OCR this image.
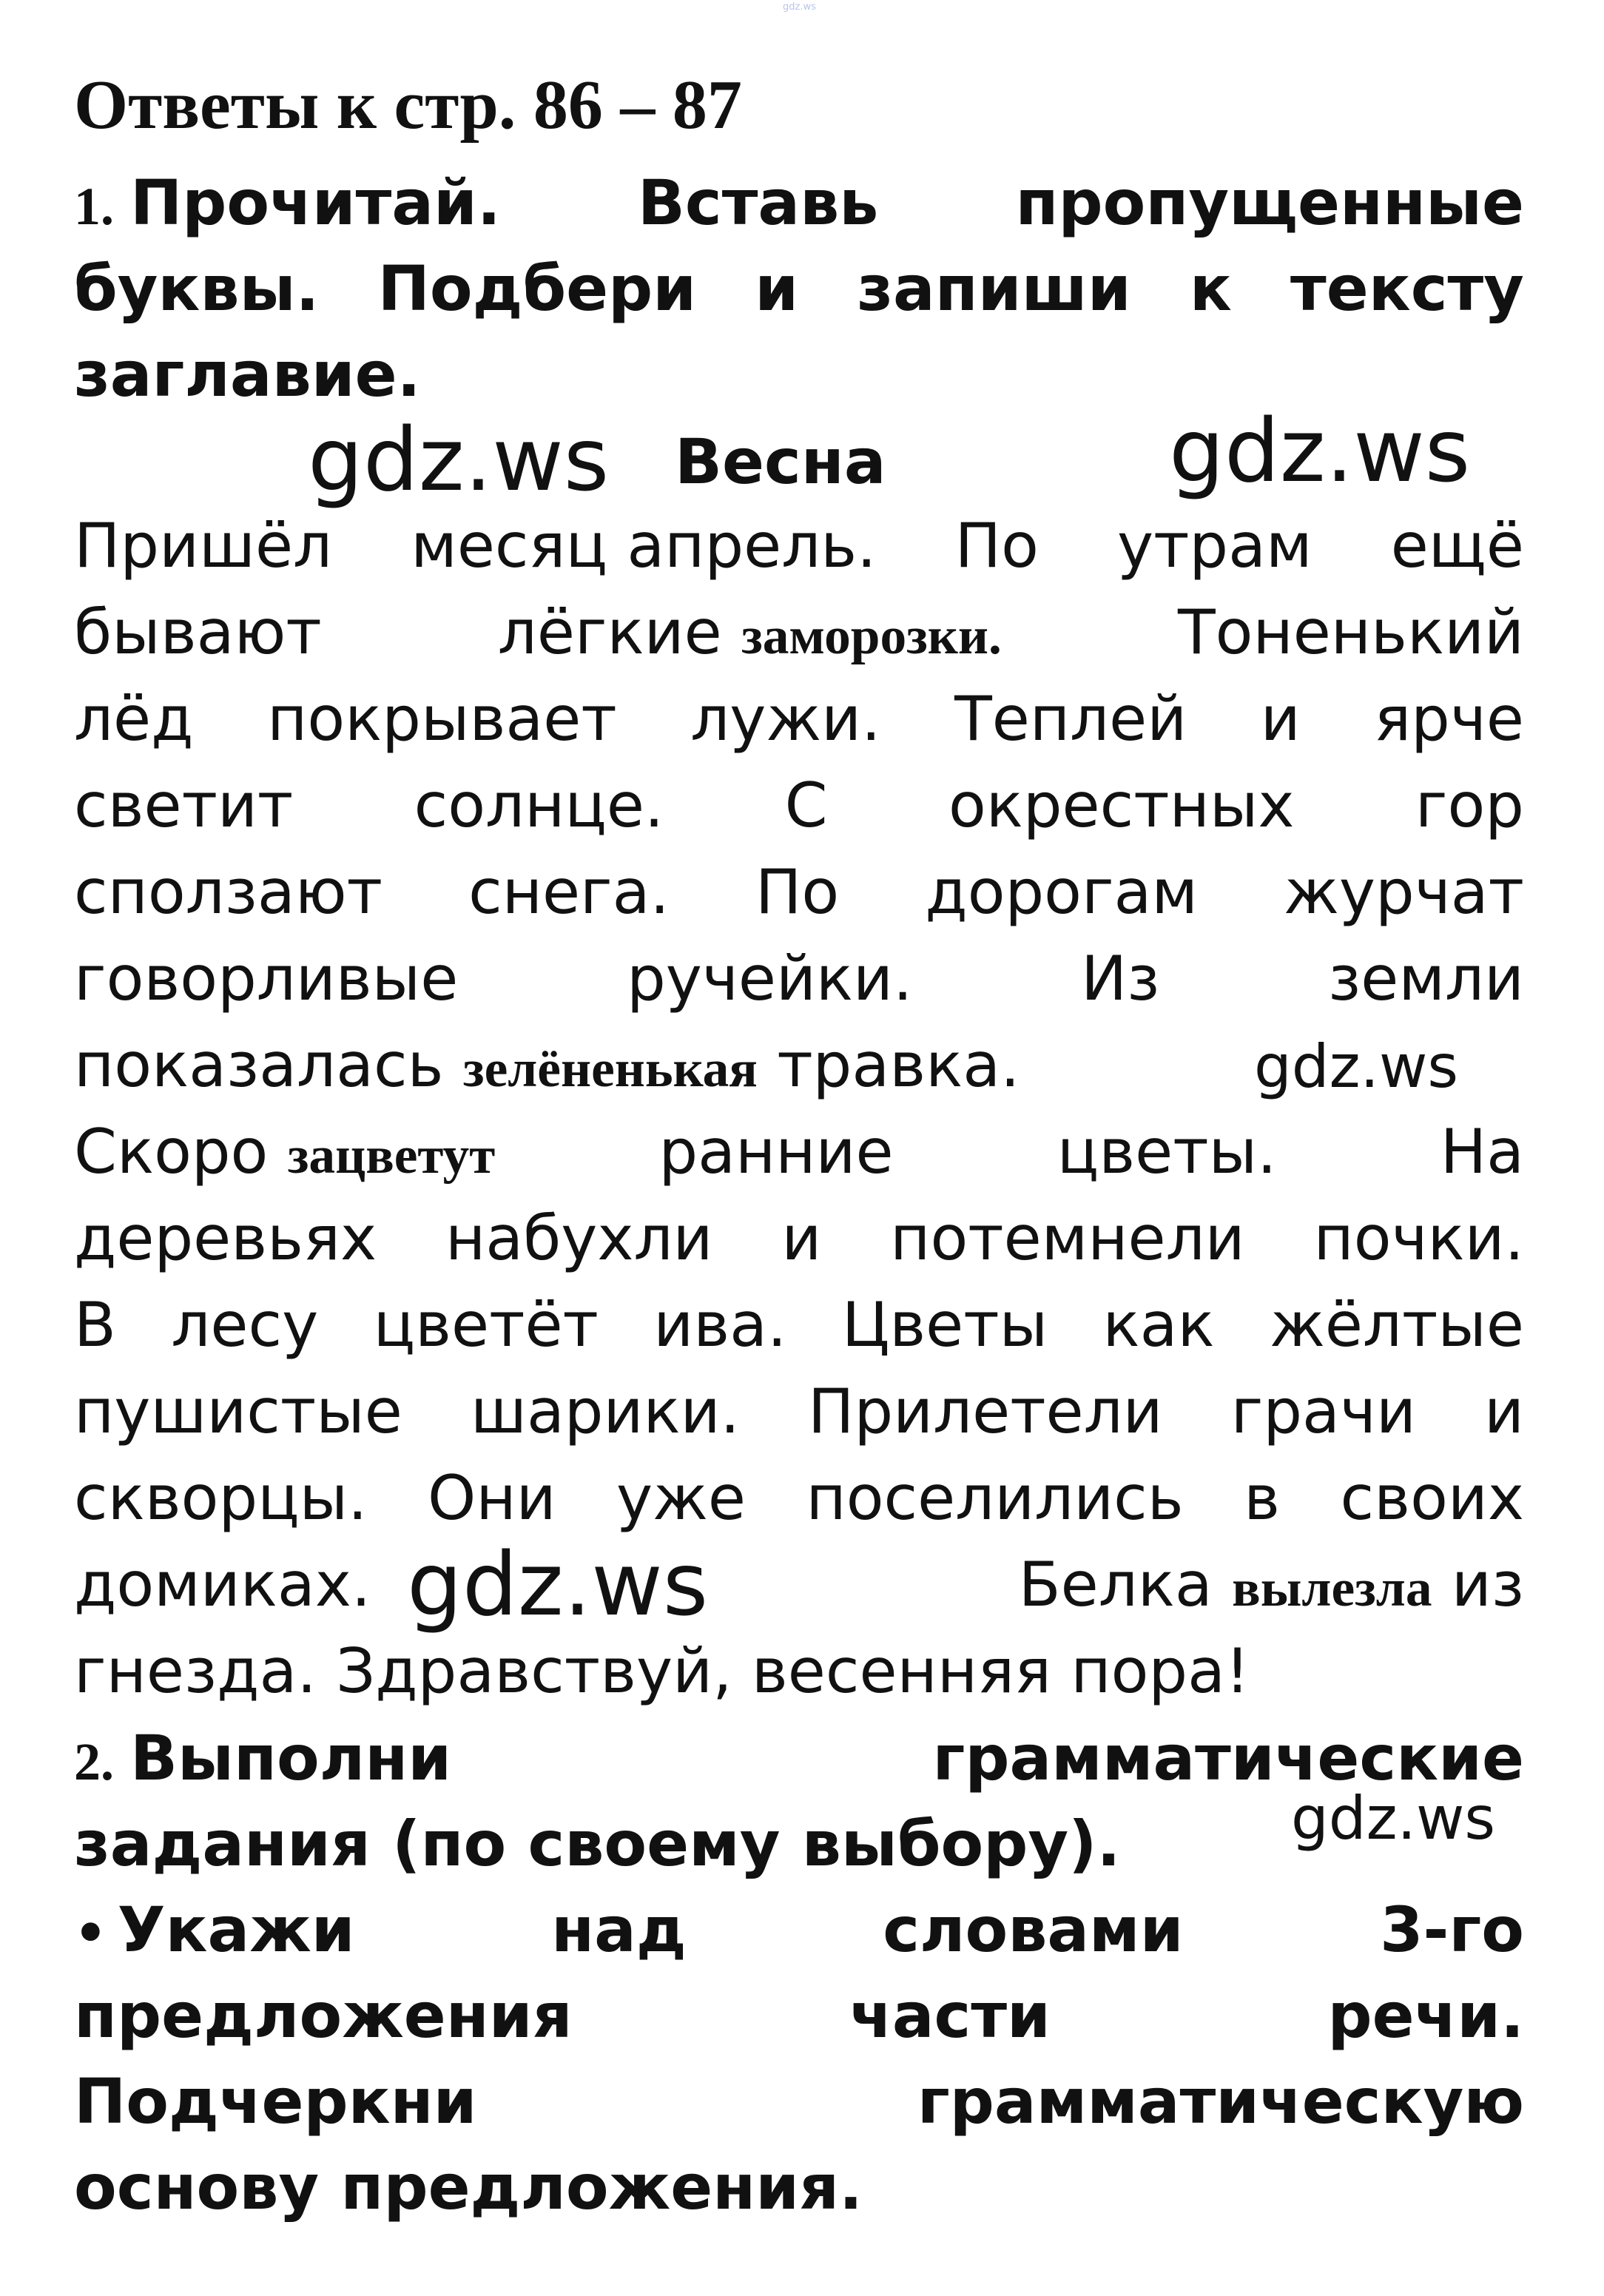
gdz.ws
Ответы к стр. 86 – 87
1. Прочитай. Вставь пропущенные
буквы. Подбери и запиши к тексту
заглавие.
gdz.ws Весна	gdz.ws
Пришёл месяц апрель. По утрам ещё
бывают	лёгкие заморозки.	Тоненький
лёд покрывает лужи. Теплей и ярче
светит солнце. С окрестных гор
сползают снега. По дорогам журчат
говорливые	ручейки.	Из	земли
показалась зелёненькая травка.	gdz.ws
Скоро зацветут	ранние	цветы.	На
деревьях набухли и потемнели почки.
В лесу цветёт ива. Цветы как жёлтые
пушистые шарики. Прилетели грачи и
скворцы. Они уже поселились в своих
домиках.	Белка вылезла из
gdz.ws
гнезда. Здравствуй, весенняя пора!
2. Выполни	грамматические
задания (по своему выбору).	gdz.ws
• Укажи	над	словами	3-го
предложения	части	речи.
Подчеркни	грамматическую
основу предложения.
